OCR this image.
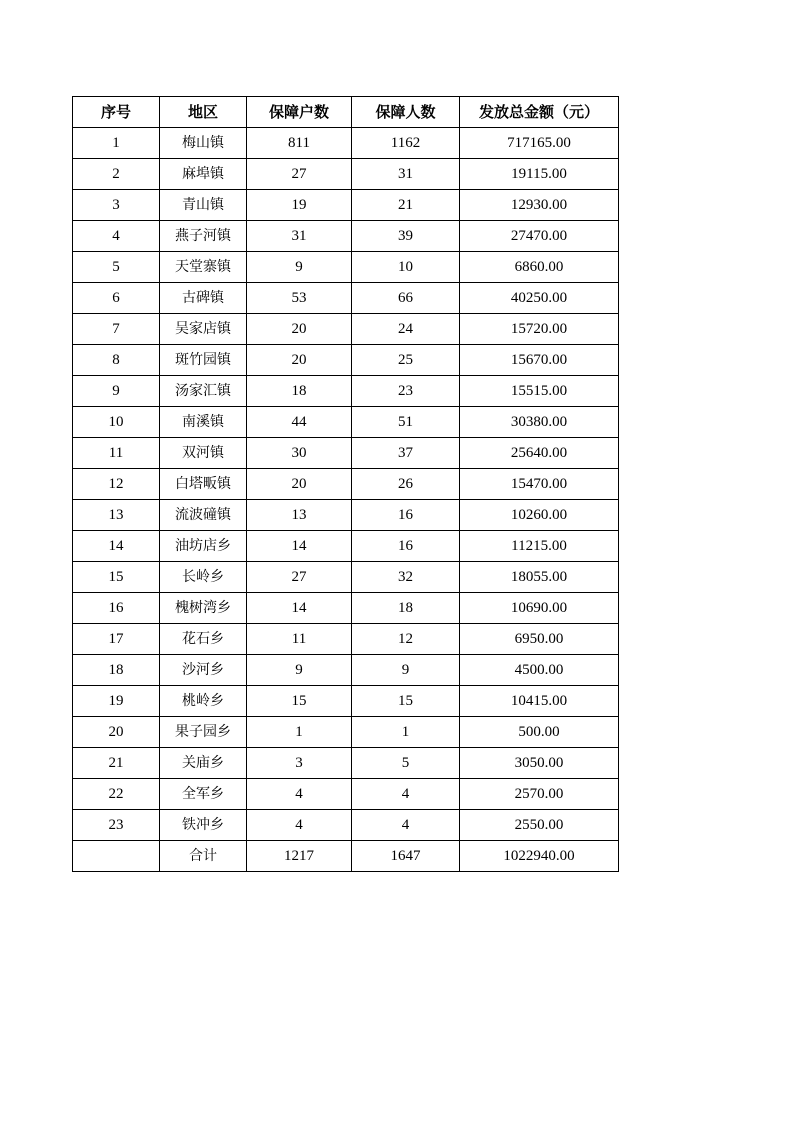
序号	地区	保障户数	保障人数	发放总金额（元）
1	梅山镇	811	1162	717165.00
2	麻埠镇	27	31	19115.00
3	青山镇	19	21	12930.00
4	燕子河镇	31	39	27470.00
5	天堂寨镇	9	10	6860.00
6	古碑镇	53	66	40250.00
7	吴家店镇	20	24	15720.00
8	斑竹园镇	20	25	15670.00
9	汤家汇镇	18	23	15515.00
10	南溪镇	44	51	30380.00
11	双河镇	30	37	25640.00
12	白塔畈镇	20	26	15470.00
13	流波䃥镇	13	16	10260.00
14	油坊店乡	14	16	11215.00
15	长岭乡	27	32	18055.00
16	槐树湾乡	14	18	10690.00
17	花石乡	11	12	6950.00
18	沙河乡	9	9	4500.00
19	桃岭乡	15	15	10415.00
20	果子园乡	1	1	500.00
21	关庙乡	3	5	3050.00
22	全军乡	4	4	2570.00
23	铁冲乡	4	4	2550.00
	合计	1217	1647	1022940.00
